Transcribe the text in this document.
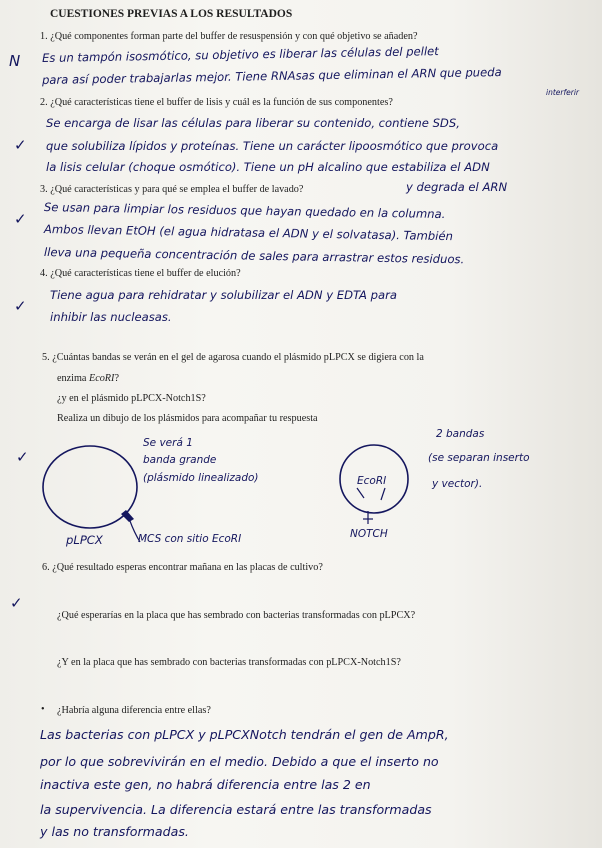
CUESTIONES PREVIAS A LOS RESULTADOS
1. ¿Qué componentes forman parte del buffer de resuspensión y con qué objetivo se añaden?
N Es un tampón isosmótico, su objetivo es liberar las células del pellet
para así poder trabajarlas mejor. Tiene RNAsas que eliminan el ARN que pueda
interferir
2. ¿Qué características tiene el buffer de lisis y cuál es la función de sus componentes?
✓
Se encarga de lisar las células para liberar su contenido, contiene SDS,
que solubiliza lípidos y proteínas. Tiene un carácter lipoosmótico que provoca
la lisis celular (choque osmótico). Tiene un pH alcalino que estabiliza el ADN
y degrada el ARN
3. ¿Qué características y para qué se emplea el buffer de lavado?
✓ Se usan para limpiar los residuos que hayan quedado en la columna.
Ambos llevan EtOH (el agua hidratasa el ADN y el solvatasa). También
lleva una pequeña concentración de sales para arrastrar estos residuos.
4. ¿Qué características tiene el buffer de elución?
✓
Tiene agua para rehidratar y solubilizar el ADN y EDTA para
inhibir las nucleasas.
5. ¿Cuántas bandas se verán en el gel de agarosa cuando el plásmido pLPCX se digiera con la
enzima EcoRI?
¿y en el plásmido pLPCX-Notch1S?
Realiza un dibujo de los plásmidos para acompañar tu respuesta
✓
Se verá 1
banda grande
(plásmido linealizado)
pLPCX	MCS con sitio EcoRI
EcoRI
NOTCH
2 bandas
(se separan inserto
y vector).
6. ¿Qué resultado esperas encontrar mañana en las placas de cultivo?
✓
¿Qué esperarías en la placa que has sembrado con bacterias transformadas con pLPCX?
¿Y en la placa que has sembrado con bacterias transformadas con pLPCX-Notch1S?
• ¿Habría alguna diferencia entre ellas?
Las bacterias con pLPCX y pLPCXNotch tendrán el gen de AmpR,
por lo que sobrevivirán en el medio. Debido a que el inserto no
inactiva este gen, no habrá diferencia entre las 2 en
la supervivencia. La diferencia estará entre las transformadas
y las no transformadas.
